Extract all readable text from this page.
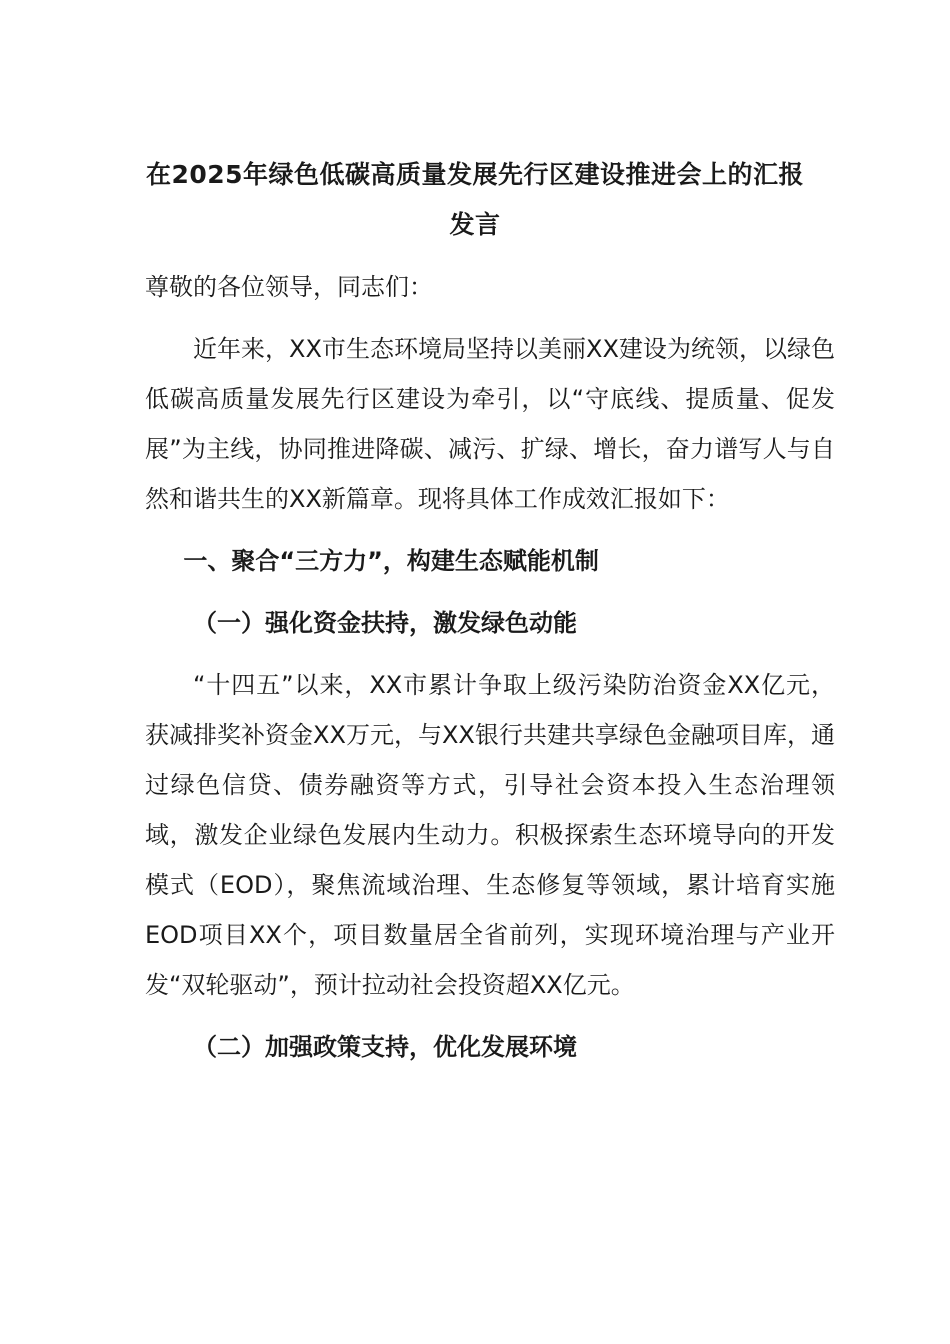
在2025年绿色低碳高质量发展先行区建设推进会上的汇报发言

尊敬的各位领导，同志们：

近年来，XX市生态环境局坚持以美丽XX建设为统领，以绿色低碳高质量发展先行区建设为牵引，以“守底线、提质量、促发展”为主线，协同推进降碳、减污、扩绿、增长，奋力谱写人与自然和谐共生的XX新篇章。现将具体工作成效汇报如下：

一、聚合“三方力”，构建生态赋能机制

（一）强化资金扶持，激发绿色动能

“十四五”以来，XX市累计争取上级污染防治资金XX亿元，获减排奖补资金XX万元，与XX银行共建共享绿色金融项目库，通过绿色信贷、债券融资等方式，引导社会资本投入生态治理领域，激发企业绿色发展内生动力。积极探索生态环境导向的开发模式（EOD），聚焦流域治理、生态修复等领域，累计培育实施EOD项目XX个，项目数量居全省前列，实现环境治理与产业开发“双轮驱动”，预计拉动社会投资超XX亿元。

（二）加强政策支持，优化发展环境
